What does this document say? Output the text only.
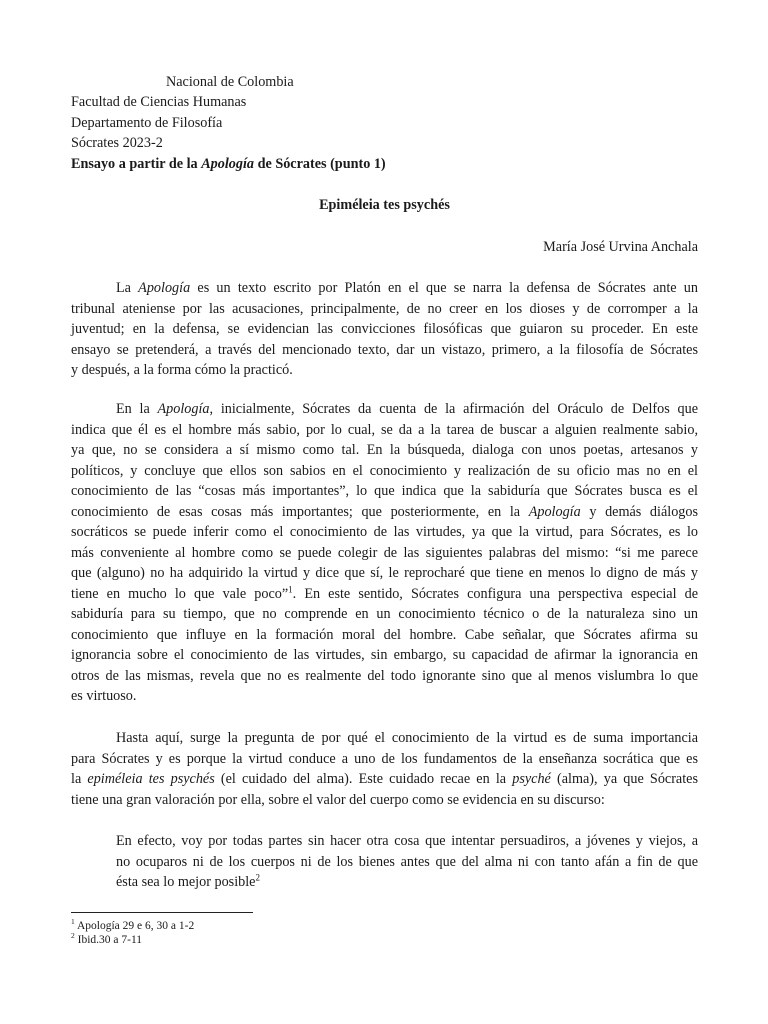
Nacional de Colombia
Facultad de Ciencias Humanas
Departamento de Filosofía
Sócrates 2023-2
Ensayo a partir de la Apología de Sócrates (punto 1)
Epiméleia tes psychés
María José Urvina Anchala
La Apología es un texto escrito por Platón en el que se narra la defensa de Sócrates ante un
tribunal ateniense por las acusaciones, principalmente, de no creer en los dioses y de corromper a la
juventud; en la defensa, se evidencian las convicciones filosóficas que guiaron su proceder. En este
ensayo se pretenderá, a través del mencionado texto, dar un vistazo, primero, a la filosofía de Sócrates
y después, a la forma cómo la practicó.
En la Apología, inicialmente, Sócrates da cuenta de la afirmación del Oráculo de Delfos que
indica que él es el hombre más sabio, por lo cual, se da a la tarea de buscar a alguien realmente sabio,
ya que, no se considera a sí mismo como tal. En la búsqueda, dialoga con unos poetas, artesanos y
políticos, y concluye que ellos son sabios en el conocimiento y realización de su oficio mas no en el
conocimiento de las “cosas más importantes”, lo que indica que la sabiduría que Sócrates busca es el
conocimiento de esas cosas más importantes; que posteriormente, en la Apología y demás diálogos
socráticos se puede inferir como el conocimiento de las virtudes, ya que la virtud, para Sócrates, es lo
más conveniente al hombre como se puede colegir de las siguientes palabras del mismo: “si me parece
que (alguno) no ha adquirido la virtud y dice que sí, le reprocharé que tiene en menos lo digno de más y
tiene en mucho lo que vale poco”$^1$. En este sentido, Sócrates configura una perspectiva especial de
sabiduría para su tiempo, que no comprende en un conocimiento técnico o de la naturaleza sino un
conocimiento que influye en la formación moral del hombre. Cabe señalar, que Sócrates afirma su
ignorancia sobre el conocimiento de las virtudes, sin embargo, su capacidad de afirmar la ignorancia en
otros de las mismas, revela que no es realmente del todo ignorante sino que al menos vislumbra lo que
es virtuoso.
Hasta aquí, surge la pregunta de por qué el conocimiento de la virtud es de suma importancia
para Sócrates y es porque la virtud conduce a uno de los fundamentos de la enseñanza socrática que es
la epiméleia tes psychés (el cuidado del alma). Este cuidado recae en la psyché (alma), ya que Sócrates
tiene una gran valoración por ella, sobre el valor del cuerpo como se evidencia en su discurso:
En efecto, voy por todas partes sin hacer otra cosa que intentar persuadiros, a jóvenes y viejos, a
no ocuparos ni de los cuerpos ni de los bienes antes que del alma ni con tanto afán a fin de que
ésta sea lo mejor posible$^2$
$^1$ Apología 29 e 6, 30 a 1-2
$^2$ Ibid.30 a 7-11
